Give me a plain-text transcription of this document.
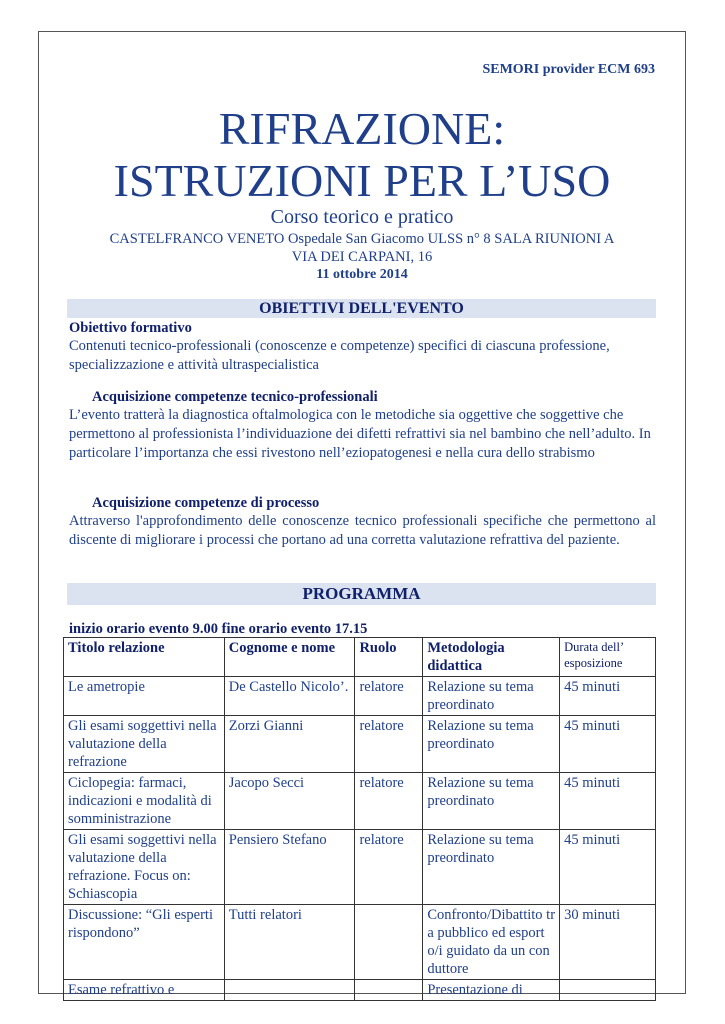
SEMORI provider ECM 693
RIFRAZIONE:
ISTRUZIONI PER L’USO
Corso teorico e pratico
CASTELFRANCO VENETO Ospedale San Giacomo ULSS n° 8 SALA RIUNIONI A
VIA DEI CARPANI, 16
11 ottobre 2014
OBIETTIVI DELL'EVENTO
Obiettivo formativo
Contenuti tecnico-professionali (conoscenze e competenze) specifici di ciascuna professione, specializzazione e attività ultraspecialistica
Acquisizione competenze tecnico-professionali
L’evento tratterà la diagnostica oftalmologica con le metodiche sia oggettive che soggettive che permettono al professionista l’individuazione dei difetti refrattivi sia nel bambino che nell’adulto. In particolare l’importanza che essi rivestono nell’eziopatogenesi e nella cura dello strabismo
Acquisizione competenze di processo
Attraverso l'approfondimento delle conoscenze tecnico professionali specifiche che permettono al discente di migliorare i processi che portano ad una corretta valutazione refrattiva del paziente.
PROGRAMMA
inizio orario evento 9.00 fine orario evento 17.15
Titolo relazione	Cognome e nome	Ruolo	Metodologia didattica	Durata dell’ esposizione
Le ametropie	De Castello Nicolo’.	relatore	Relazione su tema preordinato	45 minuti
Gli esami soggettivi nella valutazione della refrazione	Zorzi Gianni	relatore	Relazione su tema preordinato	45 minuti
Ciclopegia: farmaci, indicazioni e modalità di somministrazione	Jacopo Secci	relatore	Relazione su tema preordinato	45 minuti
Gli esami soggettivi nella valutazione della refrazione. Focus on: Schiascopia	Pensiero Stefano	relatore	Relazione su tema preordinato	45 minuti
Discussione: “Gli esperti rispondono”	Tutti relatori		Confronto/Dibattito tra pubblico ed esporto/i guidato da un conduttore	30 minuti
Esame refrattivo e			Presentazione di	
